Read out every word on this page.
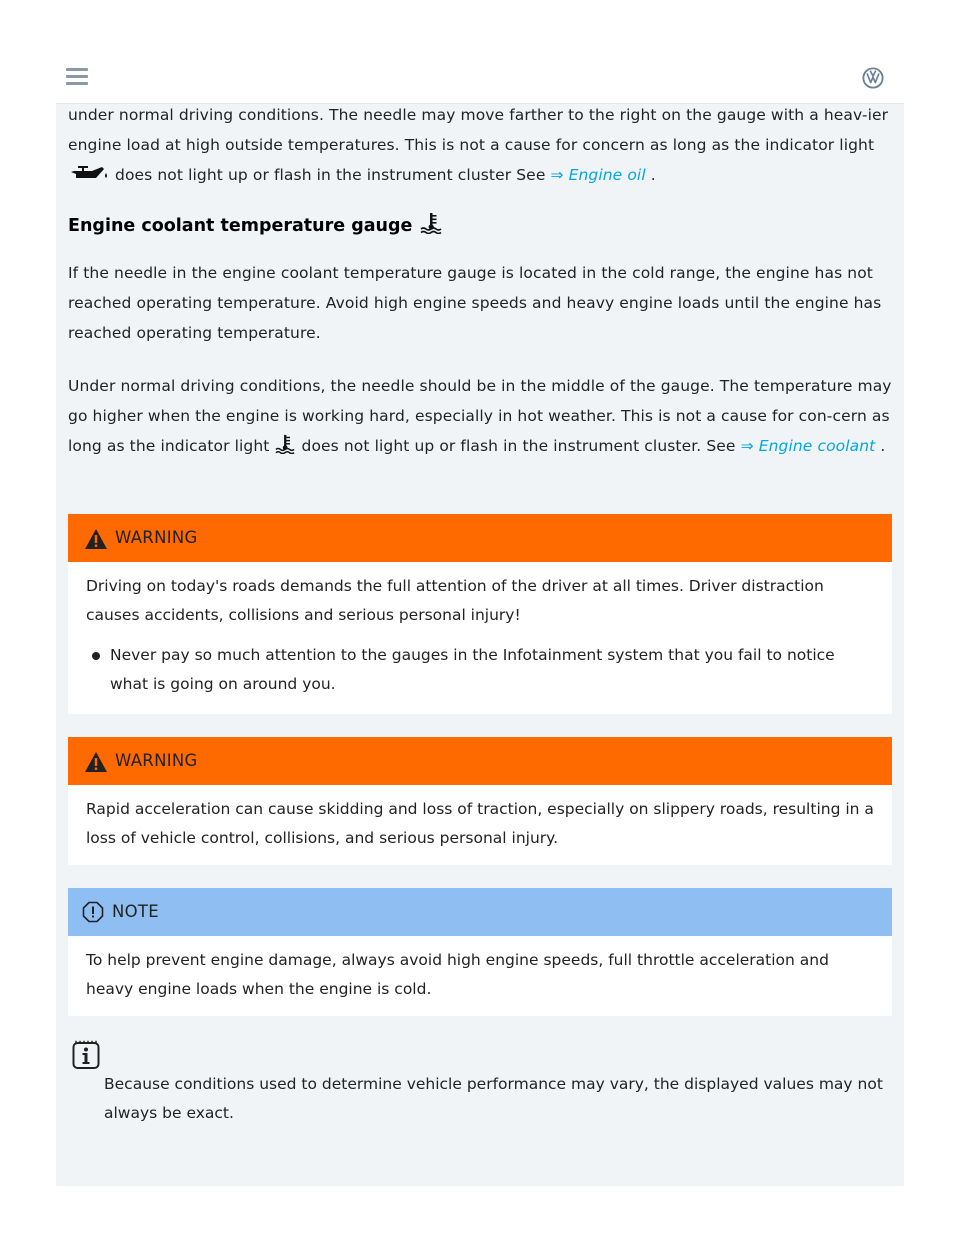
under normal driving conditions. The needle may move farther to the right on the gauge with a heav-ier engine load at high outside temperatures. This is not a cause for concern as long as the indicator light  does not light up or flash in the instrument cluster See ⇒ Engine oil .
Engine coolant temperature gauge
If the needle in the engine coolant temperature gauge is located in the cold range, the engine has not reached operating temperature. Avoid high engine speeds and heavy engine loads until the engine has reached operating temperature.
Under normal driving conditions, the needle should be in the middle of the gauge. The temperature may go higher when the engine is working hard, especially in hot weather. This is not a cause for con-cern as long as the indicator light  does not light up or flash in the instrument cluster. See ⇒ Engine coolant .
WARNING
Driving on today's roads demands the full attention of the driver at all times. Driver distraction causes accidents, collisions and serious personal injury!
Never pay so much attention to the gauges in the Infotainment system that you fail to notice what is going on around you.
WARNING
Rapid acceleration can cause skidding and loss of traction, especially on slippery roads, resulting in a loss of vehicle control, collisions, and serious personal injury.
NOTE
To help prevent engine damage, always avoid high engine speeds, full throttle acceleration and heavy engine loads when the engine is cold.
Because conditions used to determine vehicle performance may vary, the displayed values may not always be exact.
